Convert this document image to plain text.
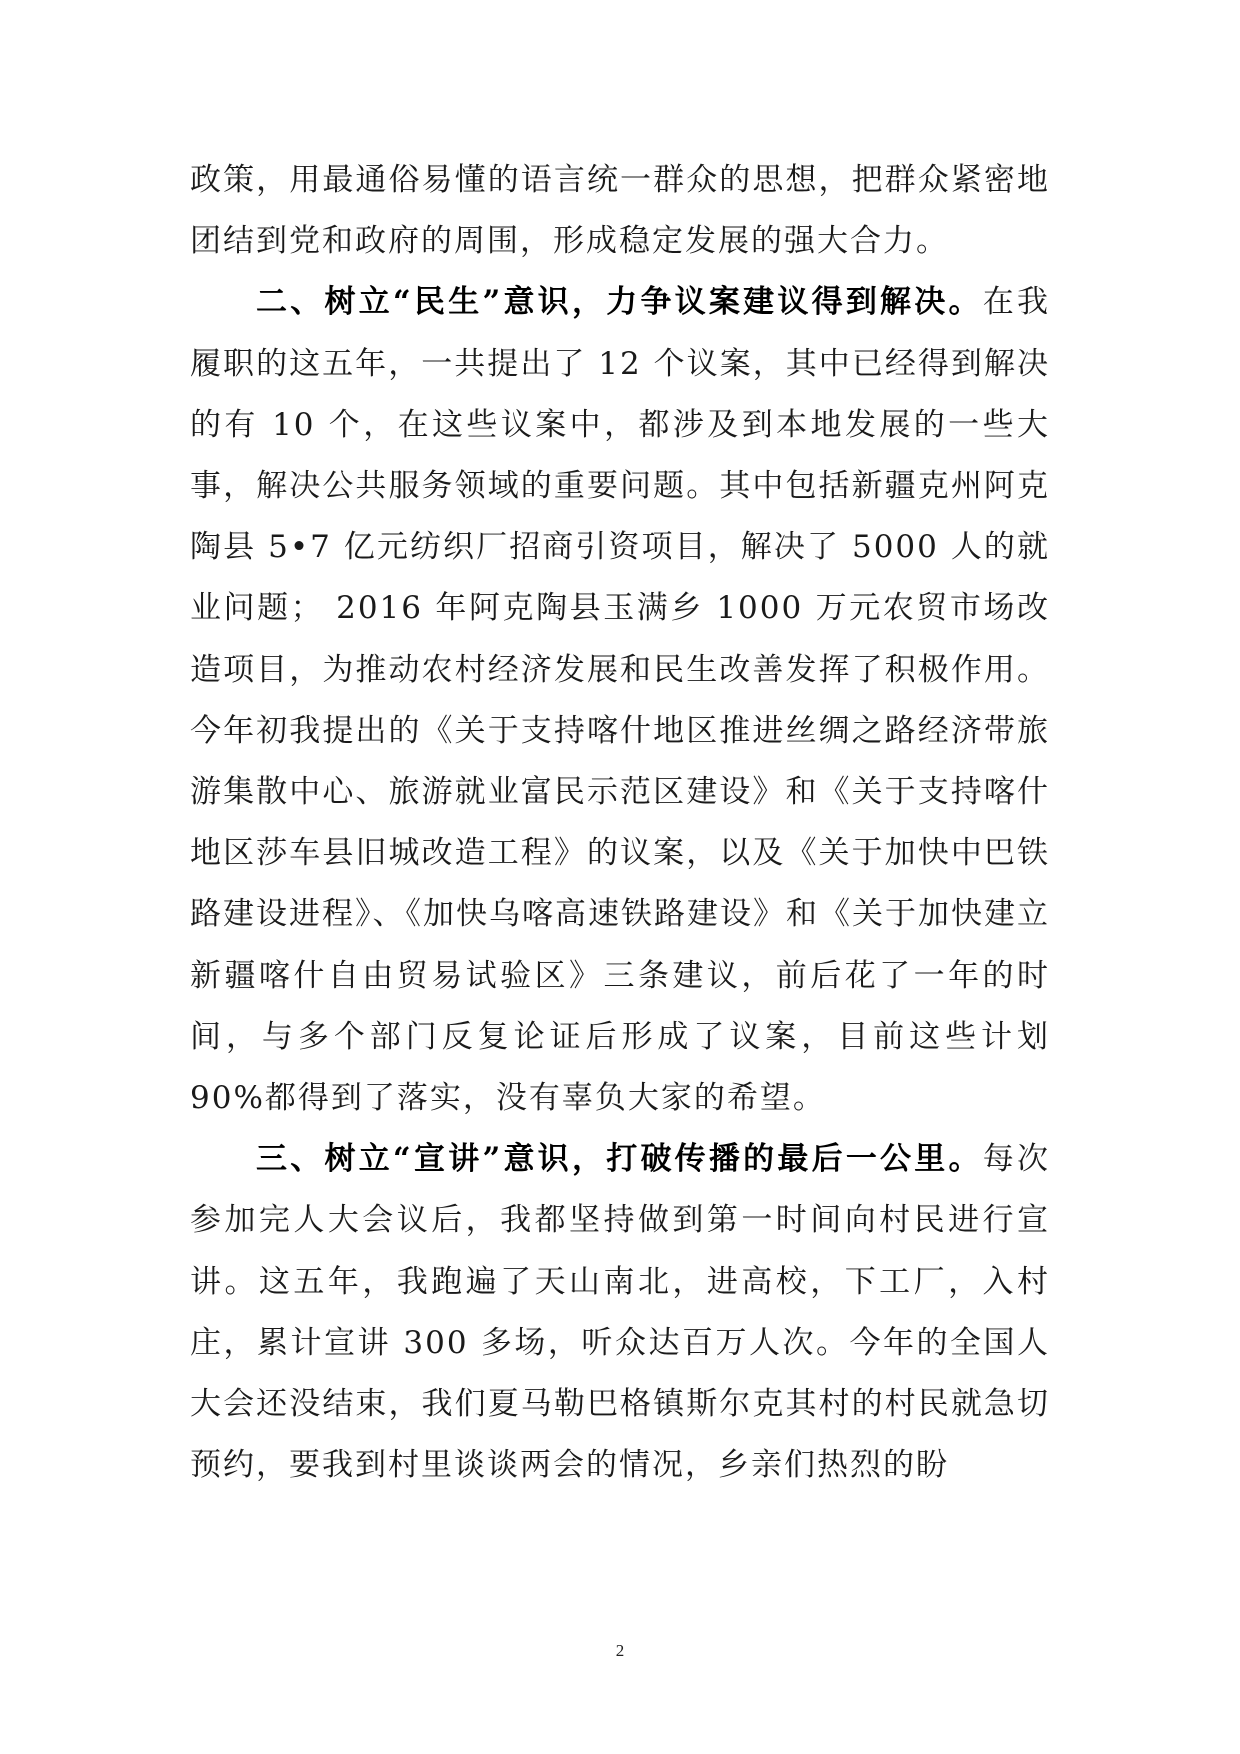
政策，用最通俗易懂的语言统一群众的思想，把群众紧密地团结到党和政府的周围，形成稳定发展的强大合力。

二、树立“民生”意识，力争议案建议得到解决。在我履职的这五年，一共提出了 12 个议案，其中已经得到解决的有 10 个，在这些议案中，都涉及到本地发展的一些大事，解决公共服务领域的重要问题。其中包括新疆克州阿克陶县 5•7 亿元纺织厂招商引资项目，解决了 5000 人的就业问题； 2016 年阿克陶县玉满乡 1000 万元农贸市场改造项目，为推动农村经济发展和民生改善发挥了积极作用。今年初我提出的《关于支持喀什地区推进丝绸之路经济带旅游集散中心、旅游就业富民示范区建设》和《关于支持喀什地区莎车县旧城改造工程》的议案，以及《关于加快中巴铁路建设进程》、《加快乌喀高速铁路建设》和《关于加快建立新疆喀什自由贸易试验区》三条建议，前后花了一年的时间，与多个部门反复论证后形成了议案，目前这些计划 90%都得到了落实，没有辜负大家的希望。

三、树立“宣讲”意识，打破传播的最后一公里。每次参加完人大会议后，我都坚持做到第一时间向村民进行宣讲。这五年，我跑遍了天山南北，进高校，下工厂，入村庄，累计宣讲 300 多场，听众达百万人次。今年的全国人大会还没结束，我们夏马勒巴格镇斯尔克其村的村民就急切预约，要我到村里谈谈两会的情况，乡亲们热烈的盼

2
